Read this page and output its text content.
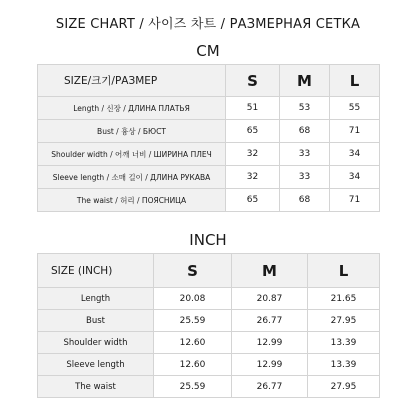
SIZE CHART / 사이즈 차트 / РАЗМЕРНАЯ СЕТКА
CM
SIZE/크기/РАЗМЕР	S	M	L
Length / 신장 / ДЛИНА ПЛАТЬЯ	51	53	55
Bust / 흉상 / БЮСТ	65	68	71
Shoulder width / 어깨 너비 / ШИРИНА ПЛЕЧ	32	33	34
Sleeve length / 소매 길이 / ДЛИНА РУКАВА	32	33	34
The waist / 허리 / ПОЯСНИЦА	65	68	71
INCH
SIZE (INCH)	S	M	L
Length	20.08	20.87	21.65
Bust	25.59	26.77	27.95
Shoulder width	12.60	12.99	13.39
Sleeve length	12.60	12.99	13.39
The waist	25.59	26.77	27.95
